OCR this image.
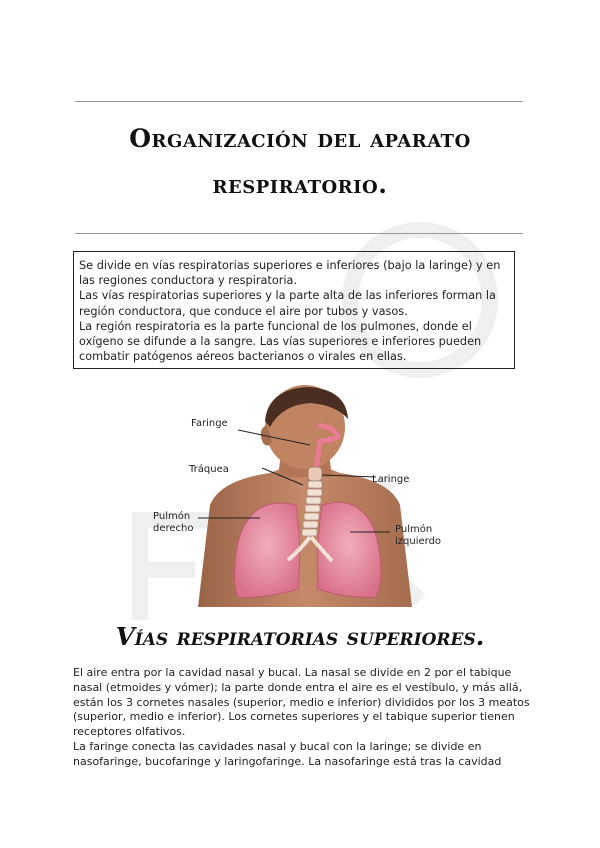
Organización del aparato
respiratorio.

Se divide en vías respiratorias superiores e inferiores (bajo la laringe) y en las regiones conductora y respiratoria.

Las vías respiratorias superiores y la parte alta de las inferiores forman la región conductora, que conduce el aire por tubos y vasos.

La región respiratoria es la parte funcional de los pulmones, donde el oxígeno se difunde a la sangre. Las vías superiores e inferiores pueden combatir patógenos aéreos bacterianos o virales en ellas.

Faringe
Tráquea
Laringe
Pulmón
derecho	Pulmón
izquierdo
Vías respiratorias superiores.

El aire entra por la cavidad nasal y bucal. La nasal se divide en 2 por el tabique nasal (etmoides y vómer); la parte donde entra el aire es el vestíbulo, y más allá, están los 3 cornetes nasales (superior, medio e inferior) divididos por los 3 meatos (superior, medio e inferior). Los cornetes superiores y el tabique superior tienen receptores olfativos.

La faringe conecta las cavidades nasal y bucal con la laringe; se divide en nasofaringe, bucofaringe y laringofaringe. La nasofaringe está tras la cavidad
